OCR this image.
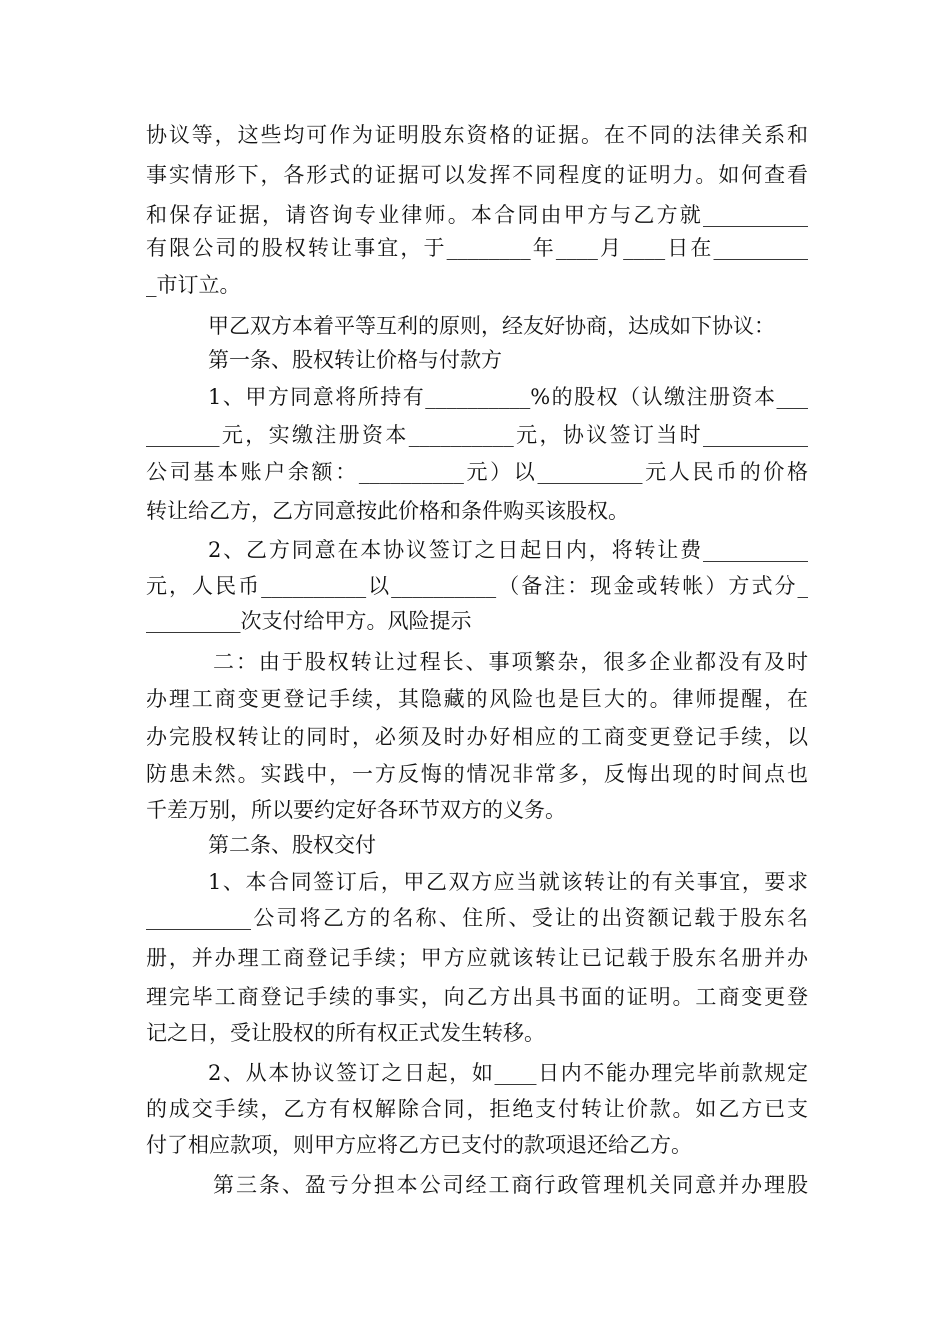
协议等，这些均可作为证明股东资格的证据。在不同的法律关系和
事实情形下，各形式的证据可以发挥不同程度的证明力。如何查看
和保存证据，请咨询专业律师。本合同由甲方与乙方就__________
有限公司的股权转让事宜，于________年____月____日在_________
_市订立。
甲乙双方本着平等互利的原则，经友好协商，达成如下协议：
第一条、股权转让价格与付款方
1、甲方同意将所持有__________%的股权（认缴注册资本___
_______元，实缴注册资本__________元，协议签订当时__________
公司基本账户余额：__________元）以__________元人民币的价格
转让给乙方，乙方同意按此价格和条件购买该股权。
2、乙方同意在本协议签订之日起日内，将转让费__________
元，人民币__________以__________（备注：现金或转帐）方式分_
_________次支付给甲方。风险提示
二：由于股权转让过程长、事项繁杂，很多企业都没有及时
办理工商变更登记手续，其隐藏的风险也是巨大的。律师提醒，在
办完股权转让的同时，必须及时办好相应的工商变更登记手续，以
防患未然。实践中，一方反悔的情况非常多，反悔出现的时间点也
千差万别，所以要约定好各环节双方的义务。
第二条、股权交付
1、本合同签订后，甲乙双方应当就该转让的有关事宜，要求
__________公司将乙方的名称、住所、受让的出资额记载于股东名
册，并办理工商登记手续；甲方应就该转让已记载于股东名册并办
理完毕工商登记手续的事实，向乙方出具书面的证明。工商变更登
记之日，受让股权的所有权正式发生转移。
2、从本协议签订之日起，如____日内不能办理完毕前款规定
的成交手续，乙方有权解除合同，拒绝支付转让价款。如乙方已支
付了相应款项，则甲方应将乙方已支付的款项退还给乙方。
第三条、盈亏分担本公司经工商行政管理机关同意并办理股
